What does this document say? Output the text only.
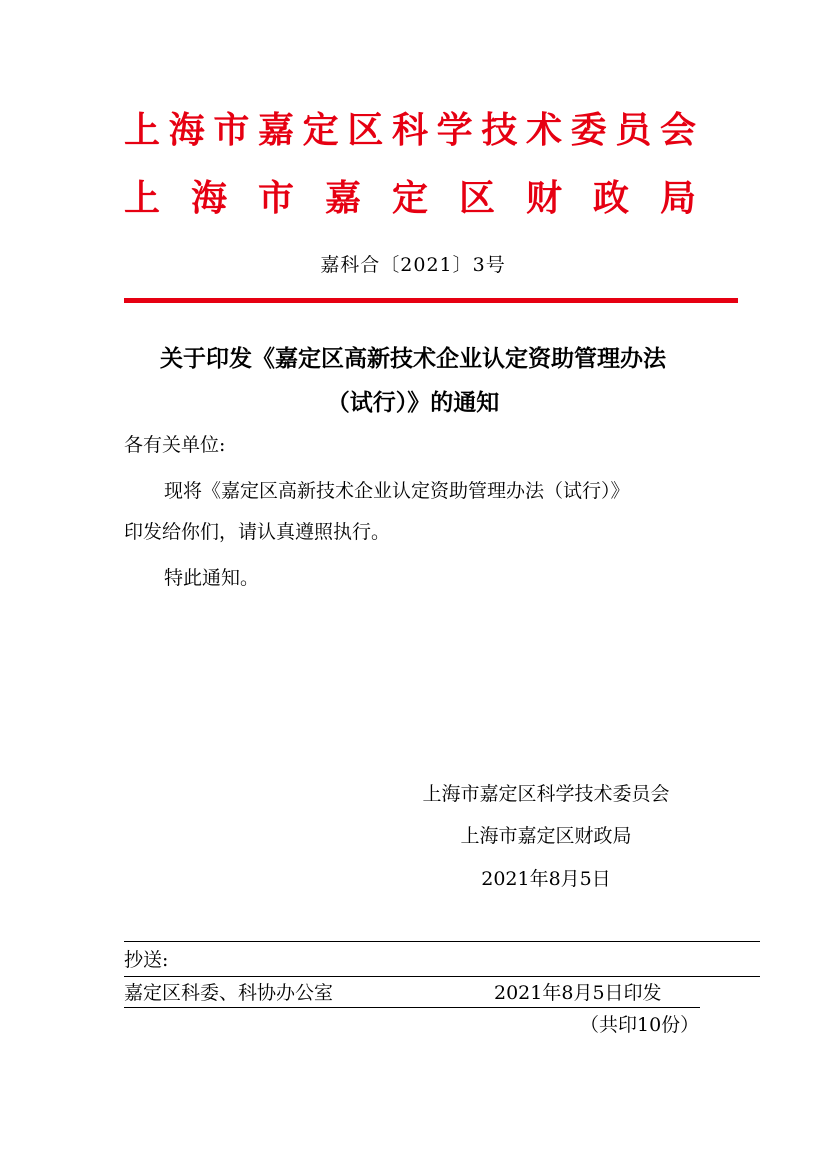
上海市嘉定区科学技术委员会
上海市嘉定区财政局
嘉科合〔2021〕3号
关于印发《嘉定区高新技术企业认定资助管理办法
（试行）》的通知
各有关单位:
现将《嘉定区高新技术企业认定资助管理办法（试行）》
印发给你们，请认真遵照执行。
特此通知。
上海市嘉定区科学技术委员会
上海市嘉定区财政局
2021年8月5日
抄送:
嘉定区科委、科协办公室	2021年8月5日印发
（共印10份）
